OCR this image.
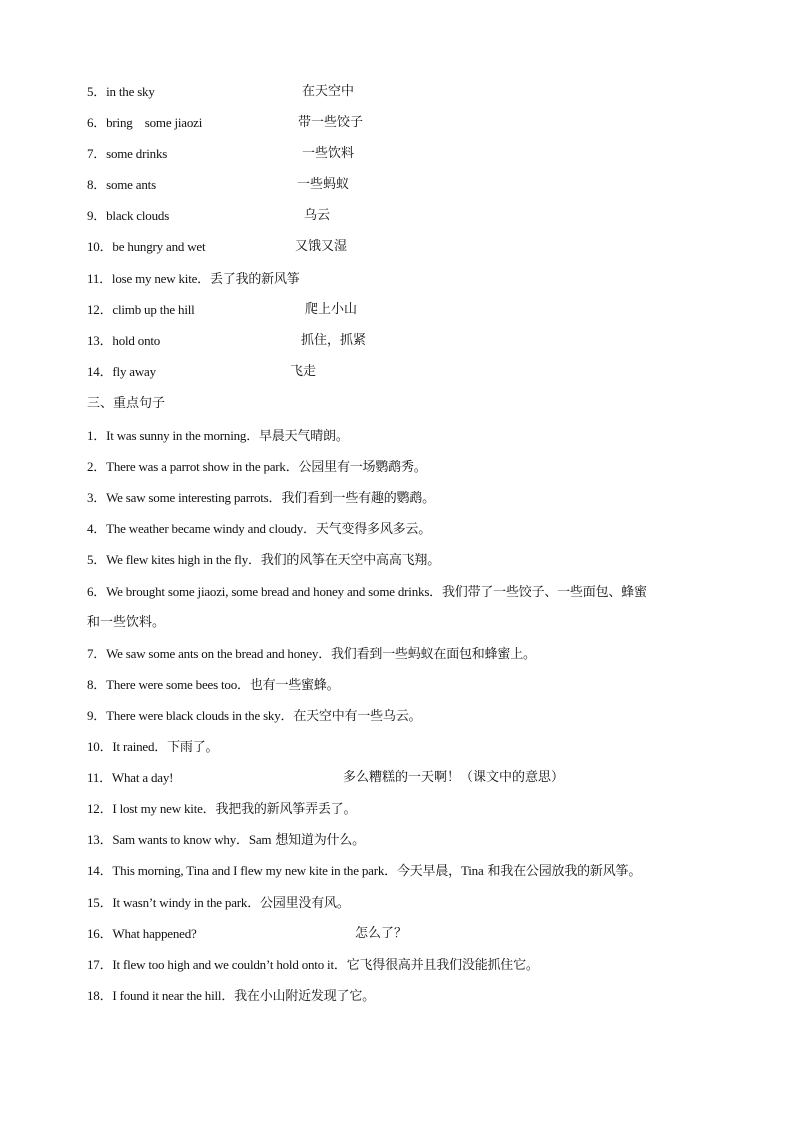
5．in the sky	在天空中
6．bring    some jiaozi	带一些饺子
7．some drinks	一些饮料
8．some ants	一些蚂蚁
9．black clouds	乌云
10．be hungry and wet	又饿又湿
11．lose my new kite．丢了我的新风筝
12．climb up the hill	爬上小山
13．hold onto	抓住，抓紧
14．fly away	飞走
三、重点句子
1．It was sunny in the morning．早晨天气晴朗。
2．There was a parrot show in the park．公园里有一场鹦鹉秀。
3．We saw some interesting parrots．我们看到一些有趣的鹦鹉。
4．The weather became windy and cloudy．天气变得多风多云。
5．We flew kites high in the fly．我们的风筝在天空中高高飞翔。
6．We brought some jiaozi, some bread and honey and some drinks．我们带了一些饺子、一些面包、蜂蜜
和一些饮料。
7．We saw some ants on the bread and honey．我们看到一些蚂蚁在面包和蜂蜜上。
8．There were some bees too．也有一些蜜蜂。
9．There were black clouds in the sky．在天空中有一些乌云。
10．It rained．下雨了。
11．What a day!	多么糟糕的一天啊！（课文中的意思）
12．I lost my new kite．我把我的新风筝弄丢了。
13．Sam wants to know why．Sam 想知道为什么。
14．This morning, Tina and I flew my new kite in the park．今天早晨，Tina 和我在公园放我的新风筝。
15．It wasn’t windy in the park．公园里没有风。
16．What happened?	怎么了？
17．It flew too high and we couldn’t hold onto it．它飞得很高并且我们没能抓住它。
18．I found it near the hill．我在小山附近发现了它。
